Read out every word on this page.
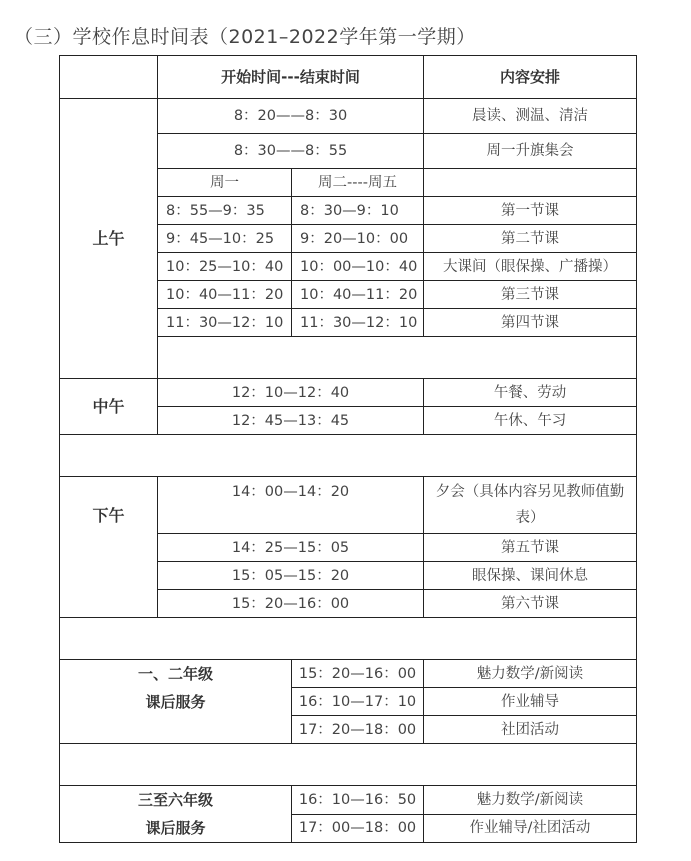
（三）学校作息时间表（2021–2022学年第一学期）
	开始时间---结束时间		内容安排
上午	8：20——8：30		晨读、测温、清洁
	8：30——8：55		周一升旗集会
	周一	周二----周五	
	8：55—9：35	8：30—9：10	第一节课
	9：45—10：25	9：20—10：00	第二节课
	10：25—10：40	10：00—10：40	大课间（眼保操、广播操）
	10：40—11：20	10：40—11：20	第三节课
	11：30—12：10	11：30—12：10	第四节课

中午	12：10—12：40		午餐、劳动
	12：45—13：45		午休、午习

下午	14：00—14：20		夕会（具体内容另见教师值勤表）
	14：25—15：05		第五节课
	15：05—15：20		眼保操、课间休息
	15：20—16：00		第六节课

一、二年级
课后服务		15：20—16：00	魅力数学/新阅读
		16：10—17：10	作业辅导
		17：20—18：00	社团活动

三至六年级
课后服务		16：10—16：50	魅力数学/新阅读
		17：00—18：00	作业辅导/社团活动
